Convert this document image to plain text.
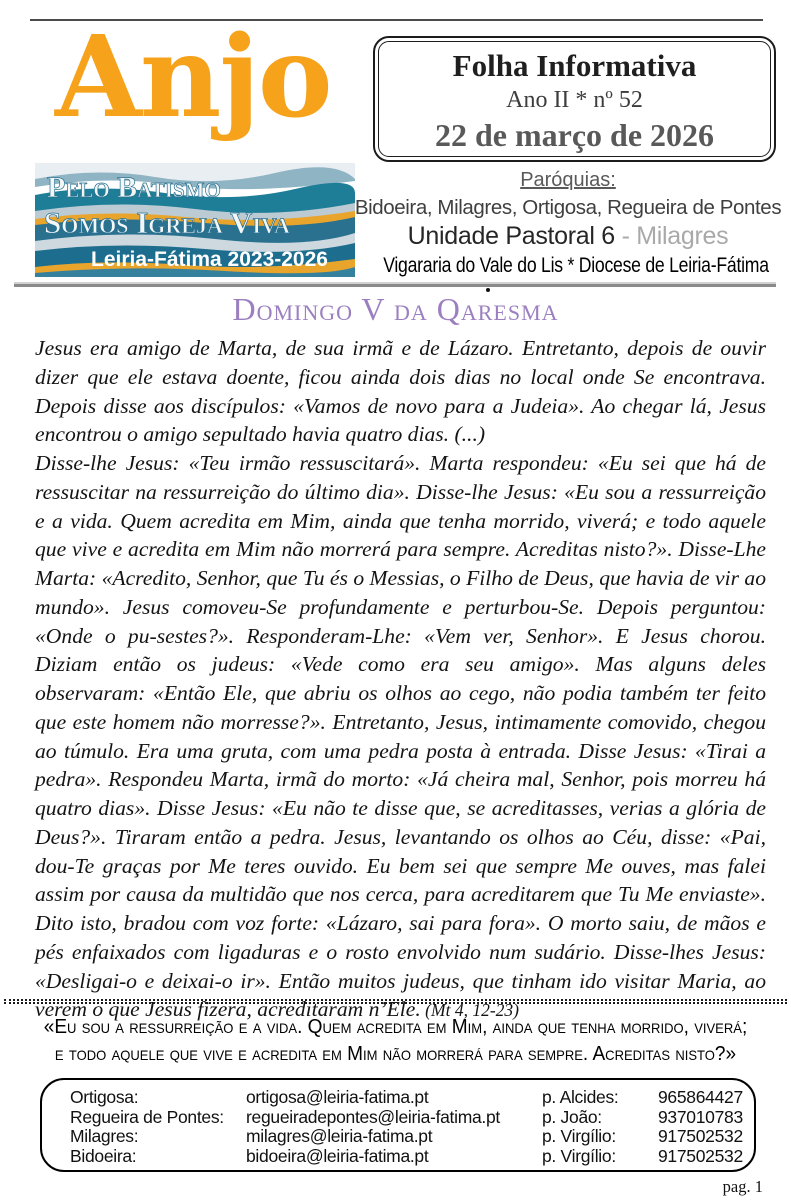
Anjo
Pelo Batismo
Somos Igreja Viva
Leiria-Fátima 2023-2026
Folha Informativa
Ano II * nº 52
22 de março de 2026
Paróquias:
Bidoeira, Milagres, Ortigosa, Regueira de Pontes
Unidade Pastoral 6 - Milagres
Vigararia do Vale do Lis * Diocese de Leiria-Fátima
Domingo V da Qaresma

Jesus era amigo de Marta, de sua irmã e de Lázaro. Entretanto, depois de ouvir dizer que ele estava doente, ficou ainda dois dias no local onde Se encontrava. Depois disse aos discípulos: «Vamos de novo para a Judeia». Ao chegar lá, Jesus encontrou o amigo sepultado havia quatro dias. (...)

Disse-lhe Jesus: «Teu irmão ressuscitará». Marta respondeu: «Eu sei que há de ressuscitar na ressurreição do último dia». Disse-lhe Jesus: «Eu sou a ressurreição e a vida. Quem acredita em Mim, ainda que tenha morrido, viverá; e todo aquele que vive e acredita em Mim não morrerá para sempre. Acreditas nisto?». Disse-Lhe Marta: «Acredito, Senhor, que Tu és o Messias, o Filho de Deus, que havia de vir ao mundo». Jesus comoveu-Se profundamente e perturbou-Se. Depois perguntou: «Onde o pu-sestes?». Responderam-Lhe: «Vem ver, Senhor». E Jesus chorou. Diziam então os judeus: «Vede como era seu amigo». Mas alguns deles observaram: «Então Ele, que abriu os olhos ao cego, não podia também ter feito que este homem não morresse?». Entretanto, Jesus, intimamente comovido, chegou ao túmulo. Era uma gruta, com uma pedra posta à entrada. Disse Jesus: «Tirai a pedra». Respondeu Marta, irmã do morto: «Já cheira mal, Senhor, pois morreu há quatro dias». Disse Jesus: «Eu não te disse que, se acreditasses, verias a glória de Deus?». Tiraram então a pedra. Jesus, levantando os olhos ao Céu, disse: «Pai, dou-Te graças por Me teres ouvido. Eu bem sei que sempre Me ouves, mas falei assim por causa da multidão que nos cerca, para acreditarem que Tu Me enviaste». Dito isto, bradou com voz forte: «Lázaro, sai para fora». O morto saiu, de mãos e pés enfaixados com ligaduras e o rosto envolvido num sudário. Disse-lhes Jesus: «Desligai-o e deixai-o ir». Então muitos judeus, que tinham ido visitar Maria, ao verem o que Jesus fizera, acreditaram n’Ele. (Mt 4, 12-23)

«Eu sou a ressurreição e a vida. Quem acredita em Mim, ainda que tenha morrido, viverá;
e todo aquele que vive e acredita em Mim não morrerá para sempre. Acreditas nisto?»
Ortigosa:	ortigosa@leiria-fatima.pt	p. Alcides:	965864427
Regueira de Pontes:	regueiradepontes@leiria-fatima.pt	p. João:	937010783
Milagres:	milagres@leiria-fatima.pt	p. Virgílio:	917502532
Bidoeira:	bidoeira@leiria-fatima.pt	p. Virgílio:	917502532
pag. 1
